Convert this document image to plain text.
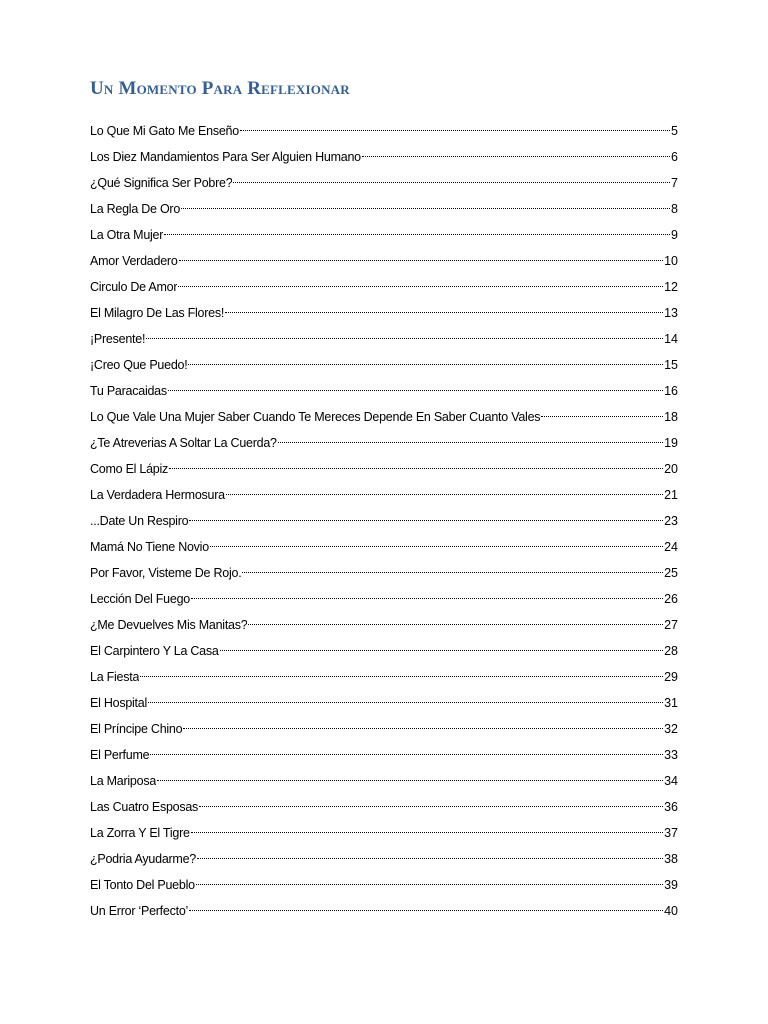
Un Momento Para Reflexionar
Lo Que Mi Gato Me Enseño	5
Los Diez Mandamientos Para Ser Alguien Humano	6
¿Qué Significa Ser Pobre?	7
La Regla De Oro	8
La Otra Mujer	9
Amor Verdadero	10
Circulo De Amor	12
El Milagro De Las Flores!	13
¡Presente!	14
¡Creo Que Puedo!	15
Tu Paracaidas	16
Lo Que Vale Una Mujer Saber Cuando Te Mereces Depende En Saber Cuanto Vales	18
¿Te Atreverias A Soltar La Cuerda?	19
Como El Lápiz	20
La Verdadera Hermosura	21
...Date Un Respiro	23
Mamá No Tiene Novio	24
Por Favor, Visteme De Rojo.	25
Lección Del Fuego	26
¿Me Devuelves Mis Manitas?	27
El Carpintero Y La Casa	28
La Fiesta	29
El Hospital	31
El Príncipe Chino	32
El Perfume	33
La Mariposa	34
Las Cuatro Esposas	36
La Zorra Y El Tigre	37
¿Podria Ayudarme?	38
El Tonto Del Pueblo	39
Un Error ‘Perfecto’	40
